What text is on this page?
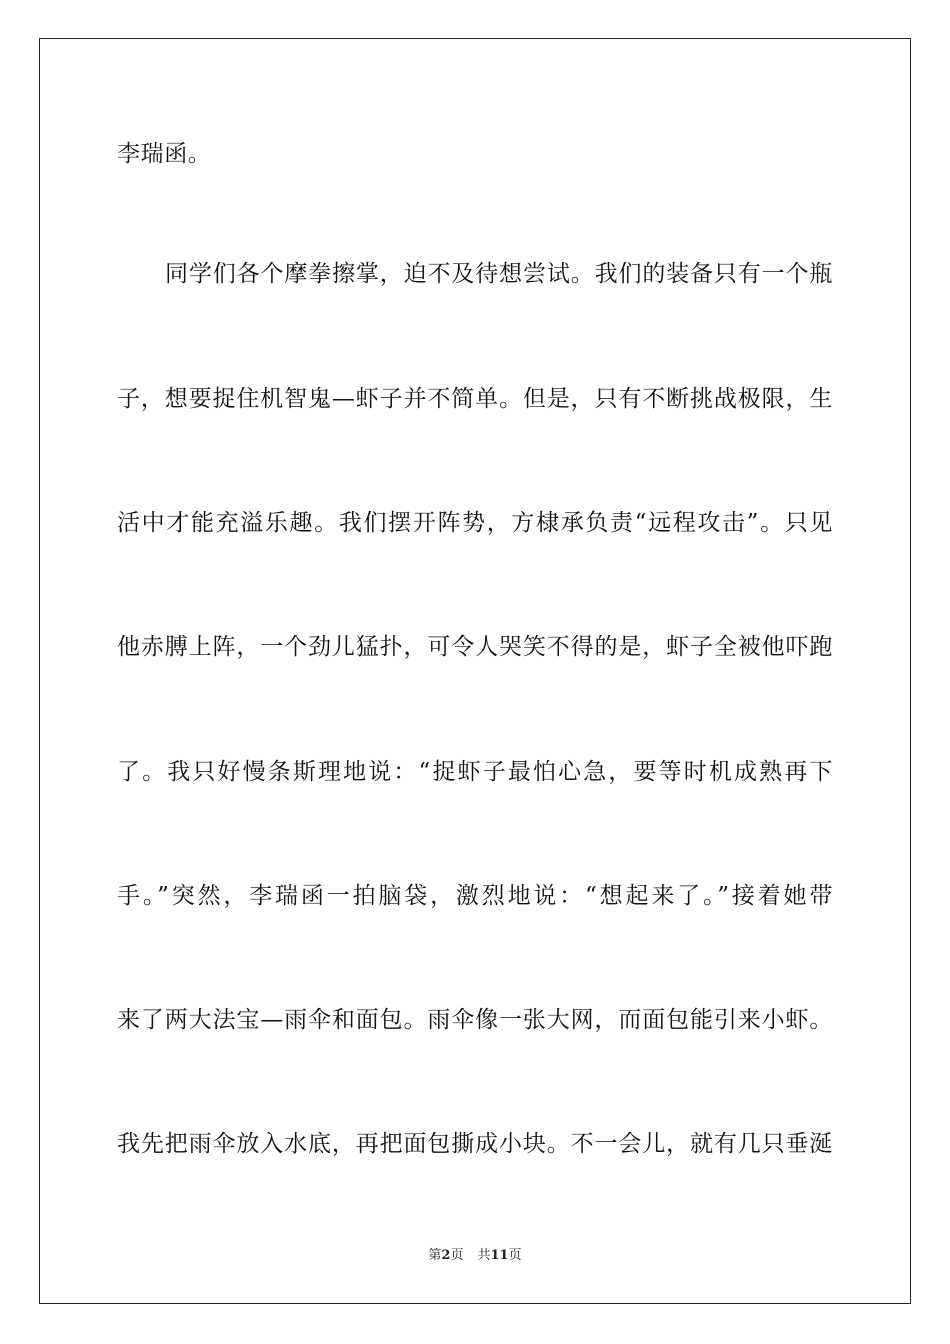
李瑞函。
同学们各个摩拳擦掌，迫不及待想尝试。我们的装备只有一个瓶
子，想要捉住机智鬼—虾子并不简单。但是，只有不断挑战极限，生
活中才能充溢乐趣。我们摆开阵势，方棣承负责“远程攻击”。只见
他赤膊上阵，一个劲儿猛扑，可令人哭笑不得的是，虾子全被他吓跑
了。我只好慢条斯理地说：“捉虾子最怕心急，要等时机成熟再下
手。”突然，李瑞函一拍脑袋，激烈地说：“想起来了。”接着她带
来了两大法宝—雨伞和面包。雨伞像一张大网，而面包能引来小虾。
我先把雨伞放入水底，再把面包撕成小块。不一会儿，就有几只垂涎
第2页 共11页
